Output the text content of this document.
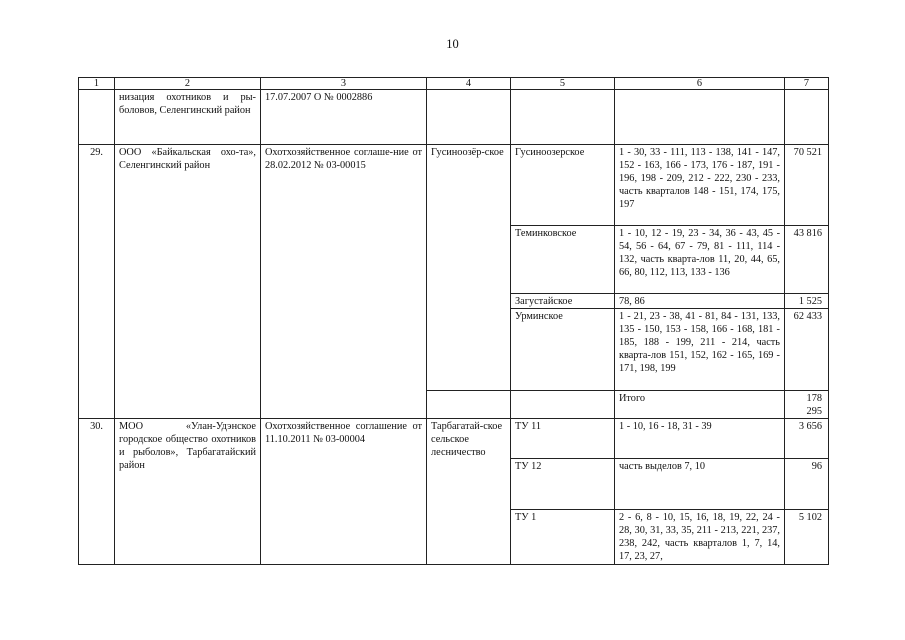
10
1	2	3	4	5	6	7
	низация охотников и ры-боловов, Селенгинский район	17.07.2007 О № 0002886				
29.	ООО «Байкальская охо-та», Селенгинский район	Охотхозяйственное соглаше-ние от 28.02.2012 № 03-00015	Гусиноозёр-ское	Гусиноозерское	1 - 30, 33 - 111, 113 - 138, 141 - 147, 152 - 163, 166 - 173, 176 - 187, 191 - 196, 198 - 209, 212 - 222, 230 - 233, часть кварталов 148 - 151, 174, 175, 197	70 521
				Теминковское	1 - 10, 12 - 19, 23 - 34, 36 - 43, 45 - 54, 56 - 64, 67 - 79, 81 - 111, 114 - 132, часть кварта-лов 11, 20, 44, 65, 66, 80, 112, 113, 133 - 136	43 816
				Загустайское	78, 86	1 525
				Урминское	1 - 21, 23 - 38, 41 - 81, 84 - 131, 133, 135 - 150, 153 - 158, 166 - 168, 181 - 185, 188 - 199, 211 - 214, часть кварта-лов 151, 152, 162 - 165, 169 - 171, 198, 199	62 433
					Итого	178 295
30.	МОО «Улан-Удэнское городское общество охотников и рыболов», Тарбагатайский район	Охотхозяйственное соглашение от 11.10.2011 № 03-00004	Тарбагатай-ское сельское лесничество	ТУ 11	1 - 10, 16 - 18, 31 - 39	3 656
				ТУ 12	часть выделов 7, 10	96
				ТУ 1	2 - 6, 8 - 10, 15, 16, 18, 19, 22, 24 - 28, 30, 31, 33, 35, 211 - 213, 221, 237, 238, 242, часть кварталов 1, 7, 14, 17, 23, 27,	5 102
